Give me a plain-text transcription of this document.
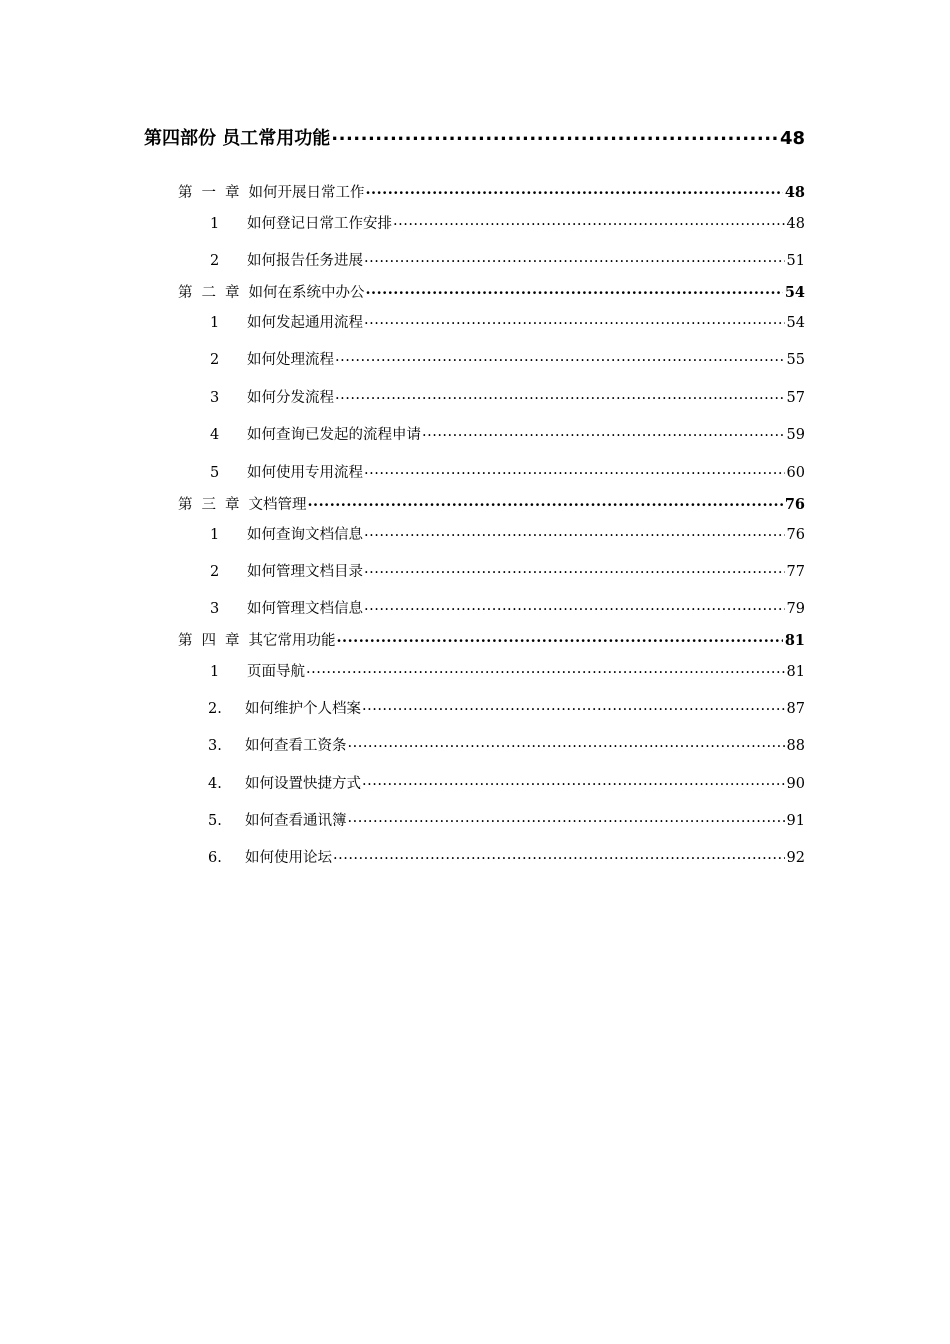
第四部份 员工常用功能 .....	48
第 一 章 如何开展日常工作 .....	48
1	如何登记日常工作安排 .....	48
2	如何报告任务进展 .....	51
第 二 章 如何在系统中办公 .....	54
1	如何发起通用流程 .....	54
2	如何处理流程 .....	55
3	如何分发流程 .....	57
4	如何查询已发起的流程申请 .....	59
5	如何使用专用流程 .....	60
第 三 章 文档管理 .....	76
1	如何查询文档信息 .....	76
2	如何管理文档目录 .....	77
3	如何管理文档信息 .....	79
第 四 章 其它常用功能 .....	81
1	页面导航 .....	81
2.	如何维护个人档案 .....	87
3.	如何查看工资条 .....	88
4.	如何设置快捷方式 .....	90
5.	如何查看通讯簿 .....	91
6.	如何使用论坛 .....	92
